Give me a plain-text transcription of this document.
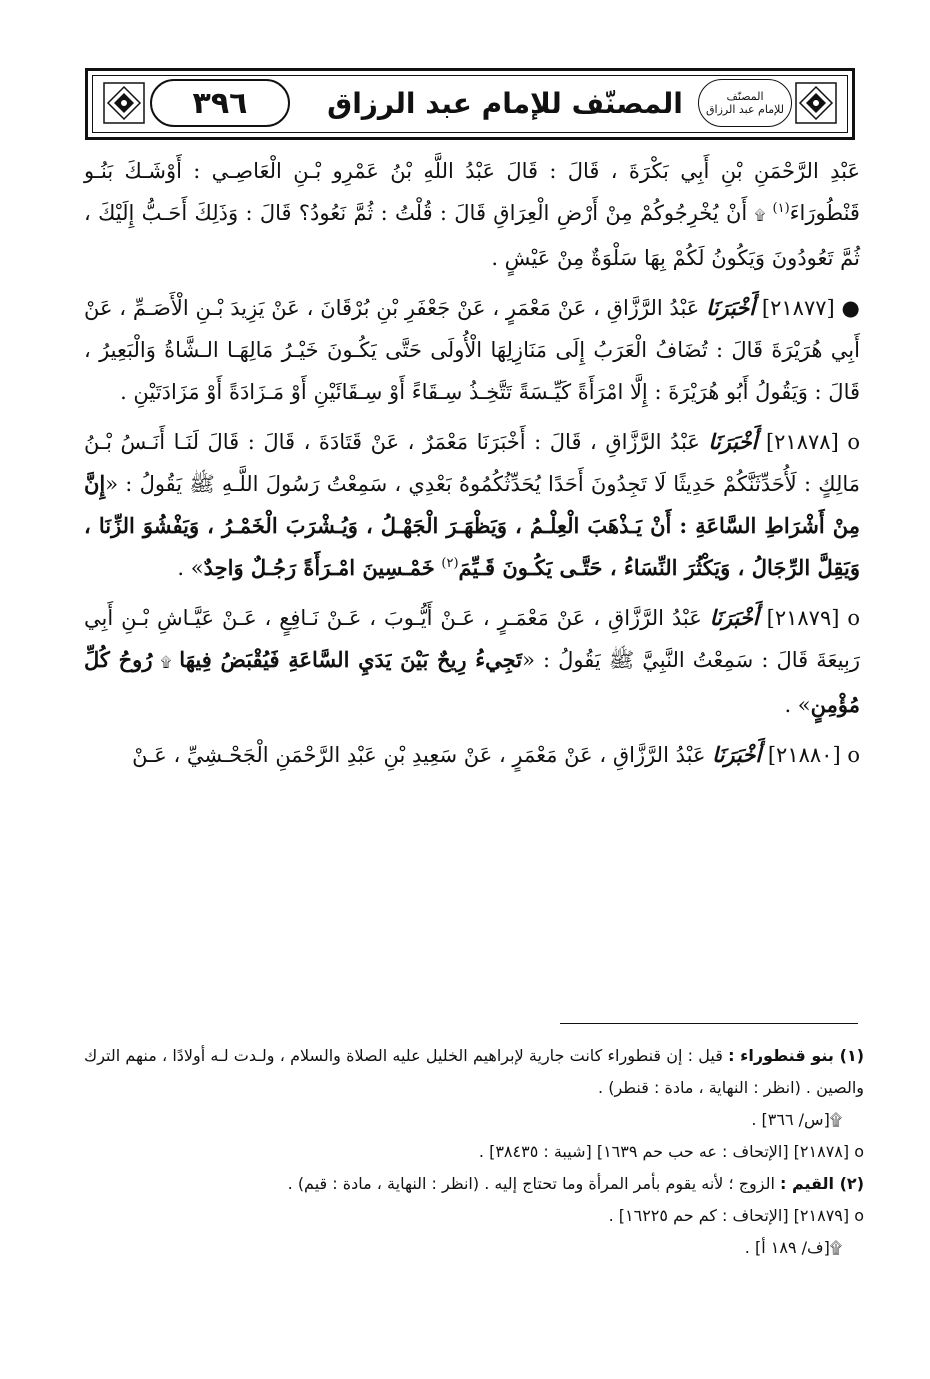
٣٩٦	المصنّف للإمام عبد الرزاق	المصنّف
للإمام عبد الرزاق

عَبْدِ الرَّحْمَنِ بْنِ أَبِي بَكْرَةَ ، قَالَ : قَالَ عَبْدُ اللَّهِ بْنُ عَمْرِو بْـنِ الْعَاصِـي : أَوْشَـكَ بَنُـو قَنْطُورَاءَ$^{(١)}$ ۩ أَنْ يُخْرِجُوكُمْ مِنْ أَرْضِ الْعِرَاقِ قَالَ : قُلْتُ : ثُمَّ نَعُودُ؟ قَالَ : وَذَلِكَ أَحَـبُّ إِلَيْكَ ، ثُمَّ تَعُودُونَ وَيَكُونُ لَكُمْ بِهَا سَلْوَةٌ مِنْ عَيْشٍ .

● [٢١٨٧٧] أَخْبَرَنَا عَبْدُ الرَّزَّاقِ ، عَنْ مَعْمَرٍ ، عَنْ جَعْفَرِ بْنِ بُرْقَانَ ، عَنْ يَزِيدَ بْـنِ الْأَصَـمِّ ، عَنْ أَبِي هُرَيْرَةَ قَالَ : تُضَافُ الْعَرَبُ إِلَى مَنَازِلِهَا الْأُولَى حَتَّى يَكُـونَ خَيْـرُ مَالِهَـا الـشَّاةُ وَالْبَعِيرُ ، قَالَ : وَيَقُولُ أَبُو هُرَيْرَةَ : إِلَّا امْرَأَةً كَيِّـسَةً تَتَّخِـذُ سِـقَاءً أَوْ سِـقَائَيْنِ أَوْ مَـزَادَةً أَوْ مَزَادَتَيْنِ .

o [٢١٨٧٨] أَخْبَرَنَا عَبْدُ الرَّزَّاقِ ، قَالَ : أَخْبَرَنَا مَعْمَرٌ ، عَنْ قَتَادَةَ ، قَالَ : قَالَ لَنَـا أَنَـسُ بْـنُ مَالِكٍ : لَأُحَدِّثَنَّكُمْ حَدِيثًا لَا تَجِدُونَ أَحَدًا يُحَدِّثُكُمُوهُ بَعْدِي ، سَمِعْتُ رَسُولَ اللَّـهِ ﷺ يَقُولُ : «إِنَّ مِنْ أَشْرَاطِ السَّاعَةِ : أَنْ يَـذْهَبَ الْعِلْـمُ ، وَيَظْهَـرَ الْجَهْـلُ ، وَيُـشْرَبَ الْخَمْـرُ ، وَيَفْشُوَ الزِّنَا ، وَيَقِلَّ الرِّجَالُ ، وَيَكْثُرَ النِّسَاءُ ، حَتَّـى يَكُـونَ قَـيِّمَ$^{(٢)}$ خَمْـسِينَ امْـرَأَةً رَجُـلٌ وَاحِدٌ» .

o [٢١٨٧٩] أَخْبَرَنَا عَبْدُ الرَّزَّاقِ ، عَنْ مَعْمَـرٍ ، عَـنْ أَيُّـوبَ ، عَـنْ نَـافِعٍ ، عَـنْ عَيَّـاشِ بْـنِ أَبِي رَبِيعَةَ قَالَ : سَمِعْتُ النَّبِيَّ ﷺ يَقُولُ : «تَجِيءُ رِيحٌ بَيْنَ يَدَيِ السَّاعَةِ فَيُقْبَضُ فِيهَا ۩ رُوحُ كُلِّ مُؤْمِنٍ» .

o [٢١٨٨٠] أَخْبَرَنَا عَبْدُ الرَّزَّاقِ ، عَنْ مَعْمَرٍ ، عَنْ سَعِيدِ بْنِ عَبْدِ الرَّحْمَنِ الْجَحْـشِيِّ ، عَـنْ

(١) بنو قنطوراء : قيل : إن قنطوراء كانت جارية لإبراهيم الخليل عليه الصلاة والسلام ، ولـدت لـه أولادًا ، منهم الترك والصين . (انظر : النهاية ، مادة : قنطر) .

۩[س/ ٣٦٦] .

o [٢١٨٧٨] [الإتحاف : عه حب حم ١٦٣٩] [شيبة : ٣٨٤٣٥] .

(٢) القيم : الزوج ؛ لأنه يقوم بأمر المرأة وما تحتاج إليه . (انظر : النهاية ، مادة : قيم) .

o [٢١٨٧٩] [الإتحاف : كم حم ١٦٢٢٥] .

۩[ف/ ١٨٩ أ] .
